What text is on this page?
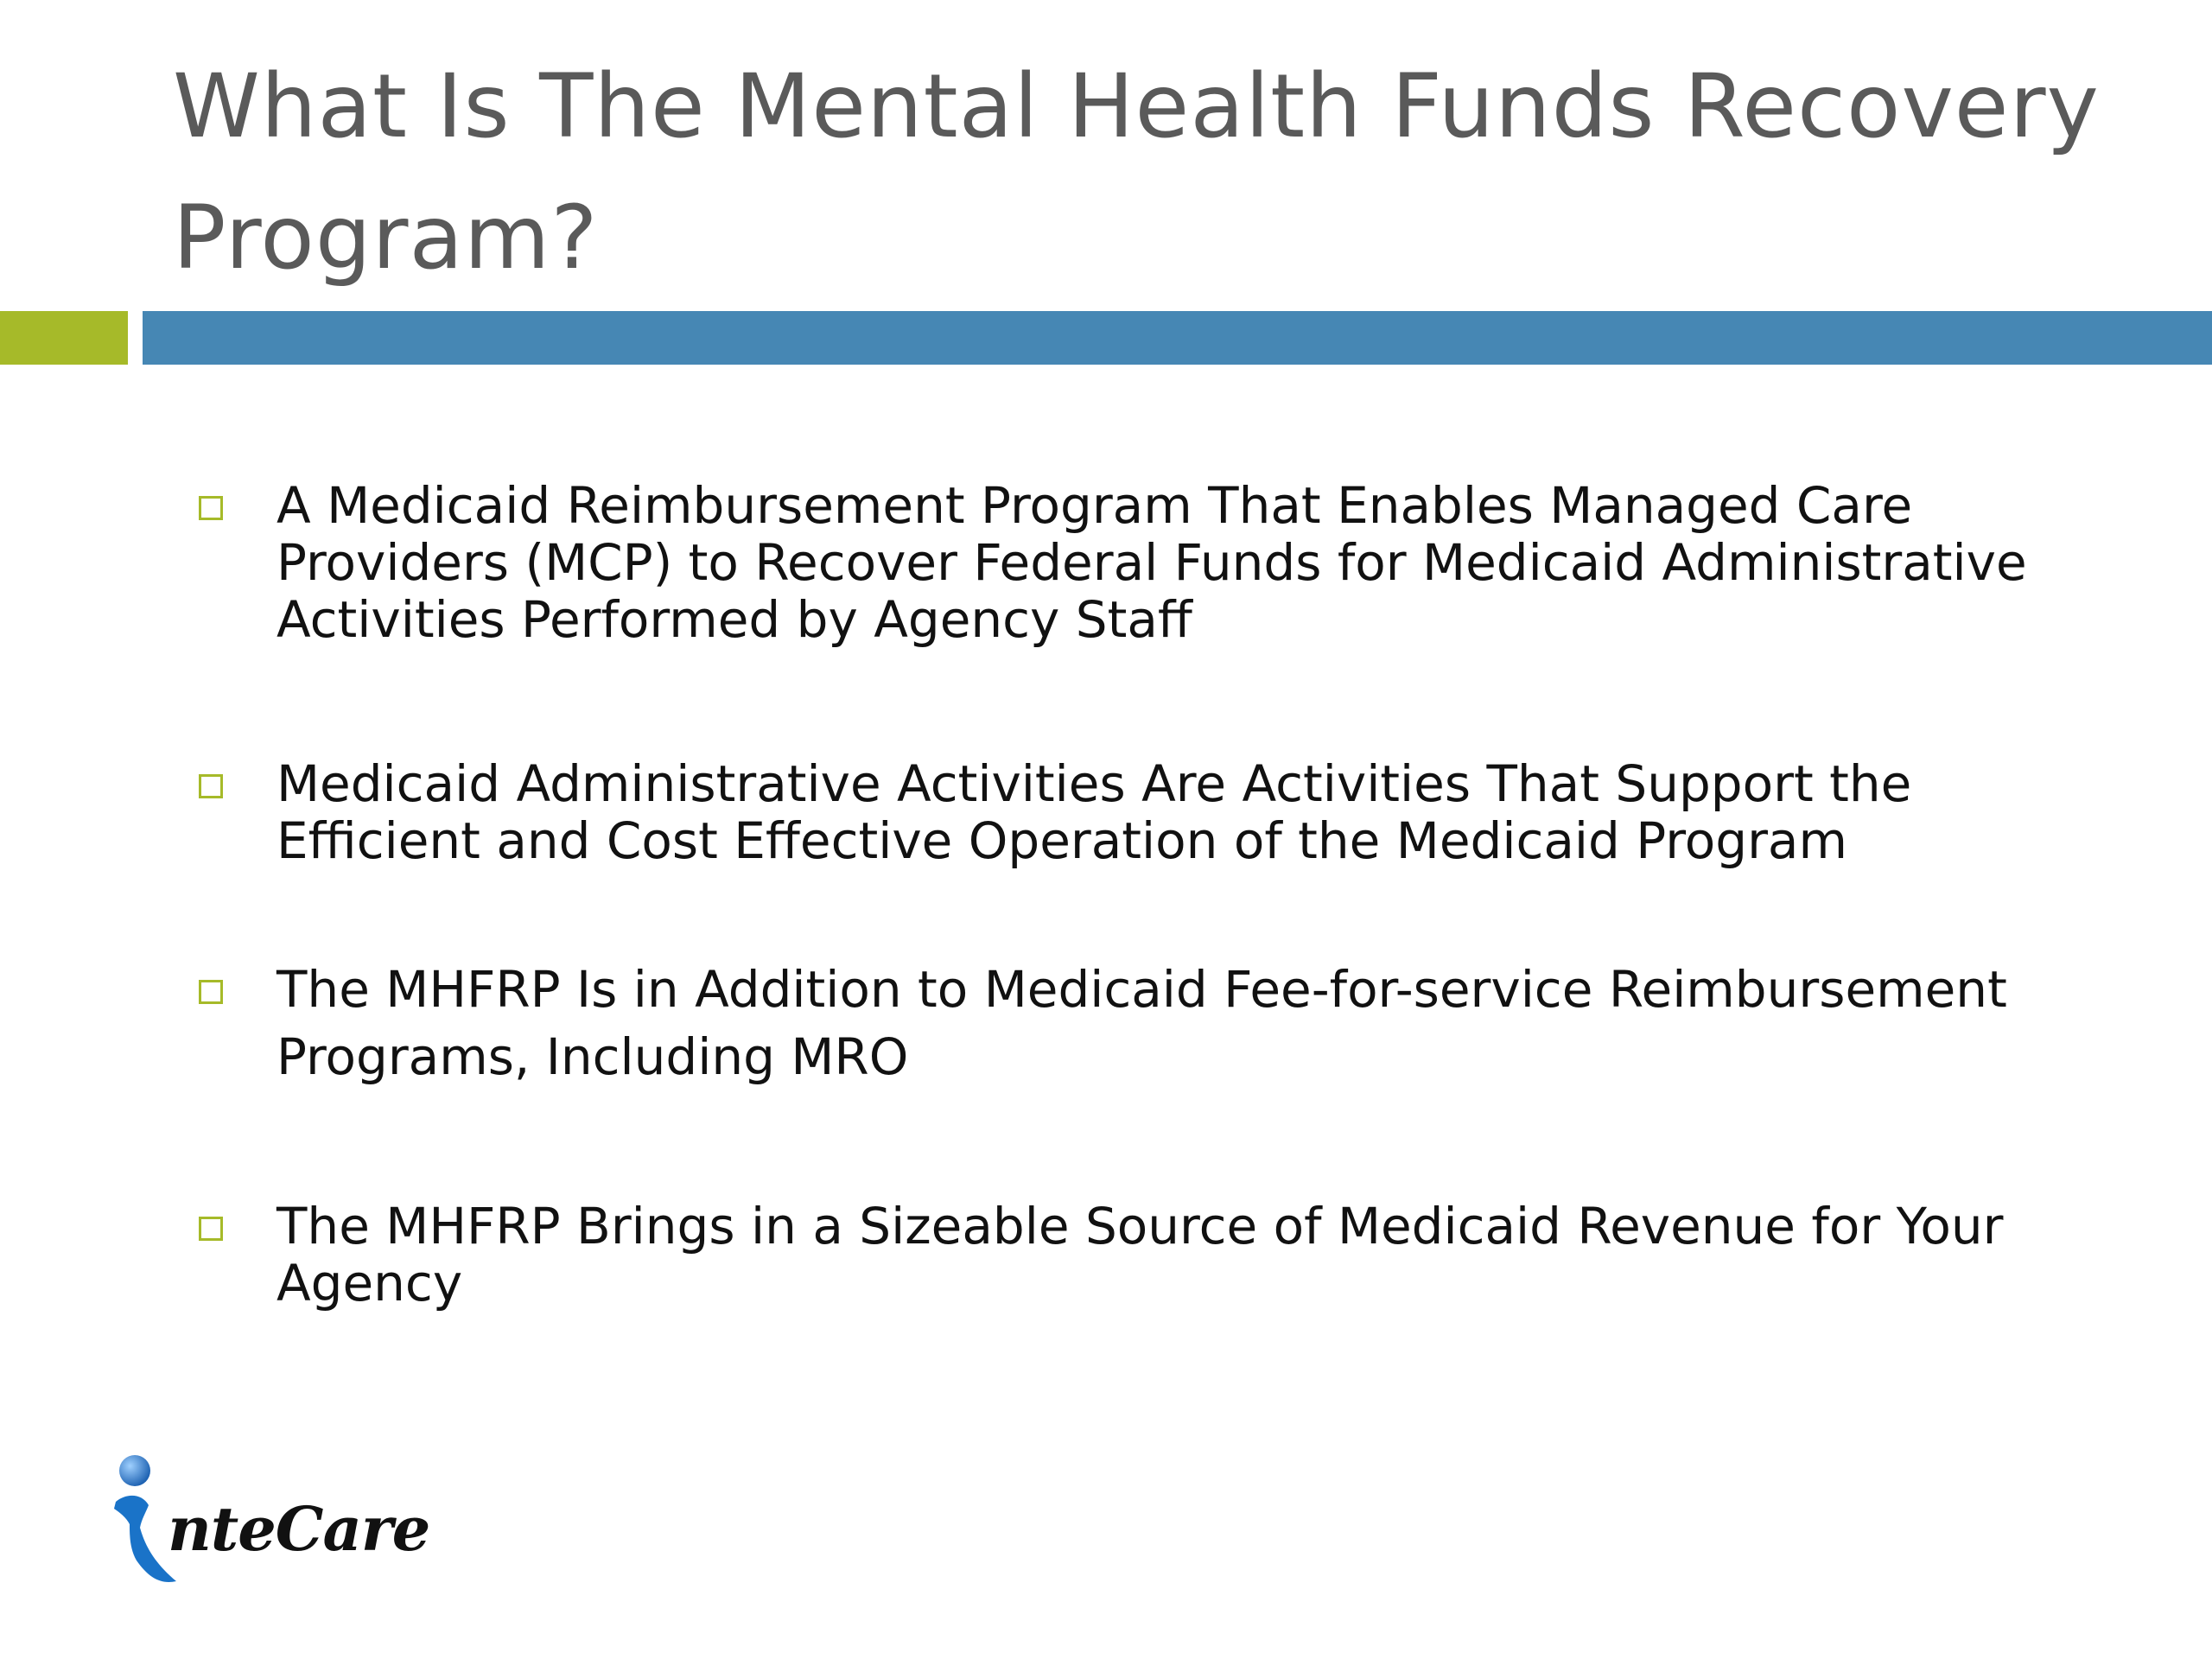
What Is The Mental Health Funds Recovery Program?
A Medicaid Reimbursement Program That Enables Managed Care Providers (MCP) to Recover Federal Funds for Medicaid Administrative Activities Performed by Agency Staff
Medicaid Administrative Activities Are Activities That Support the Efficient and Cost Effective Operation of the Medicaid Program
The MHFRP Is in Addition to Medicaid Fee-for-service Reimbursement Programs, Including MRO
The MHFRP Brings in a Sizeable Source of Medicaid Revenue for Your Agency
nteCare
